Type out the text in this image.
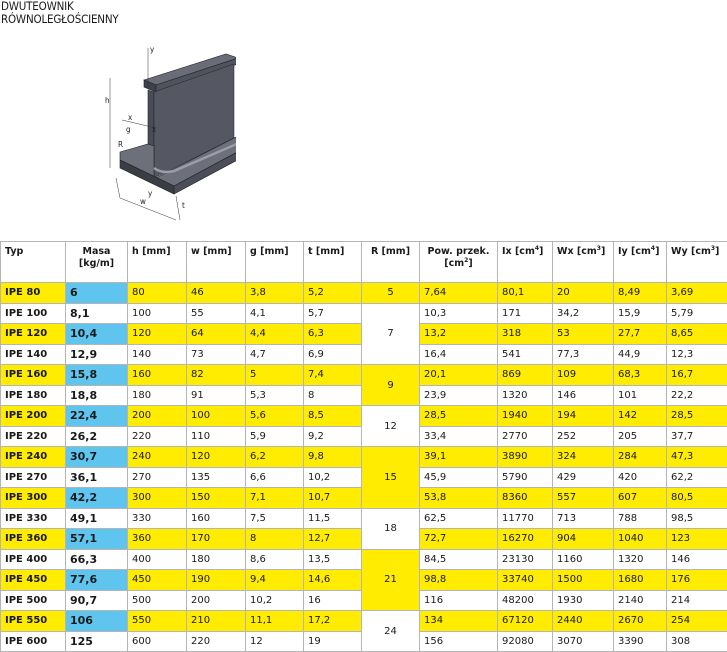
DWUTEOWNIK
RÓWNOLEGŁOŚCIENNY
y
h
x
x
g
R
y
w	t
Typ	Masa
[kg/m]	h [mm]	w [mm]	g [mm]	t [mm]	R [mm]	Pow. przek.
$[cm^2]$	Ix $[cm^4]$	Wx $[cm^3]$	Iy $[cm^4]$	Wy $[cm^3]$
IPE 80	6	80	46	3,8	5,2	5	7,64	80,1	20	8,49	3,69
IPE 100	8,1	100	55	4,1	5,7	7	10,3	171	34,2	15,9	5,79
IPE 120	10,4	120	64	4,4	6,3		13,2	318	53	27,7	8,65
IPE 140	12,9	140	73	4,7	6,9		16,4	541	77,3	44,9	12,3
IPE 160	15,8	160	82	5	7,4	9	20,1	869	109	68,3	16,7
IPE 180	18,8	180	91	5,3	8		23,9	1320	146	101	22,2
IPE 200	22,4	200	100	5,6	8,5	12	28,5	1940	194	142	28,5
IPE 220	26,2	220	110	5,9	9,2		33,4	2770	252	205	37,7
IPE 240	30,7	240	120	6,2	9,8	15	39,1	3890	324	284	47,3
IPE 270	36,1	270	135	6,6	10,2		45,9	5790	429	420	62,2
IPE 300	42,2	300	150	7,1	10,7		53,8	8360	557	607	80,5
IPE 330	49,1	330	160	7,5	11,5	18	62,5	11770	713	788	98,5
IPE 360	57,1	360	170	8	12,7		72,7	16270	904	1040	123
IPE 400	66,3	400	180	8,6	13,5	21	84,5	23130	1160	1320	146
IPE 450	77,6	450	190	9,4	14,6		98,8	33740	1500	1680	176
IPE 500	90,7	500	200	10,2	16		116	48200	1930	2140	214
IPE 550	106	550	210	11,1	17,2	24	134	67120	2440	2670	254
IPE 600	125	600	220	12	19		156	92080	3070	3390	308
